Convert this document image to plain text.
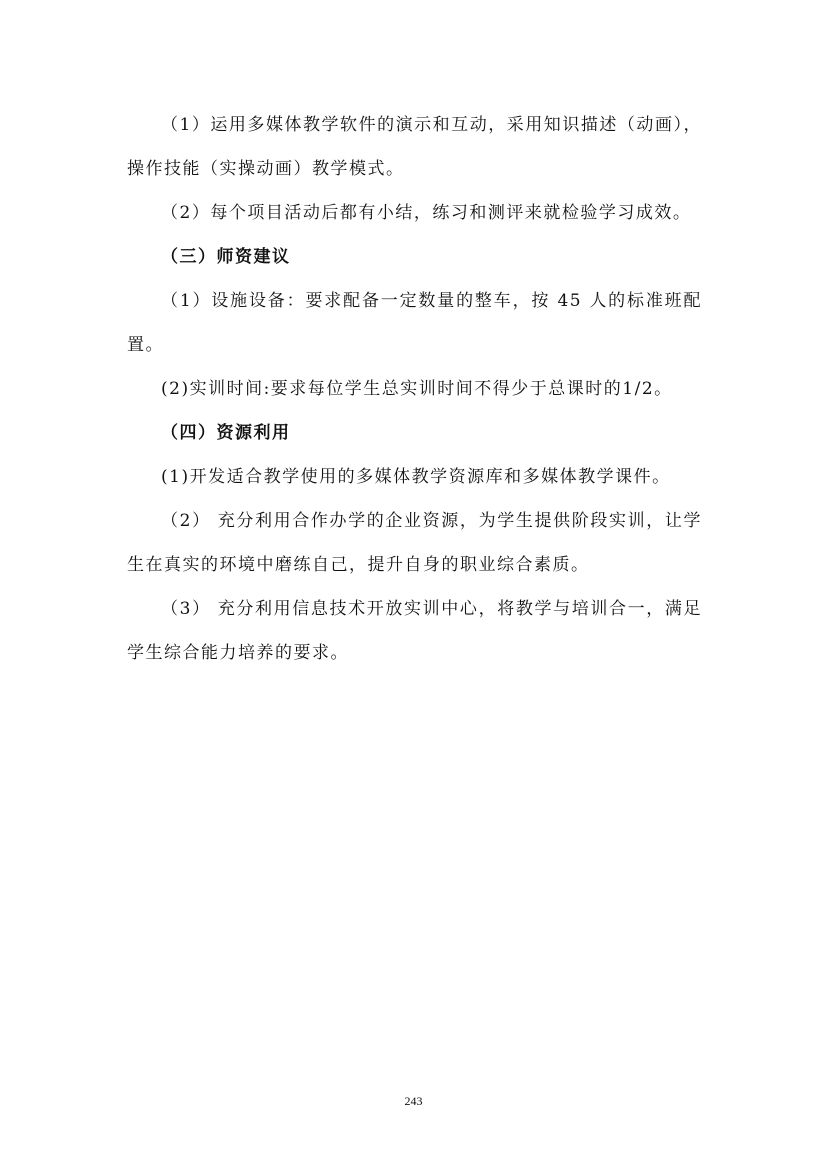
（1）运用多媒体教学软件的演示和互动，采用知识描述（动画），操作技能（实操动画）教学模式。

（2）每个项目活动后都有小结，练习和测评来就检验学习成效。

（三）师资建议

（1）设施设备：要求配备一定数量的整车，按 45 人的标准班配置。

(2)实训时间:要求每位学生总实训时间不得少于总课时的1/2。

（四）资源利用

(1)开发适合教学使用的多媒体教学资源库和多媒体教学课件。

（2） 充分利用合作办学的企业资源，为学生提供阶段实训，让学生在真实的环境中磨练自己，提升自身的职业综合素质。

（3） 充分利用信息技术开放实训中心，将教学与培训合一，满足学生综合能力培养的要求。

243
